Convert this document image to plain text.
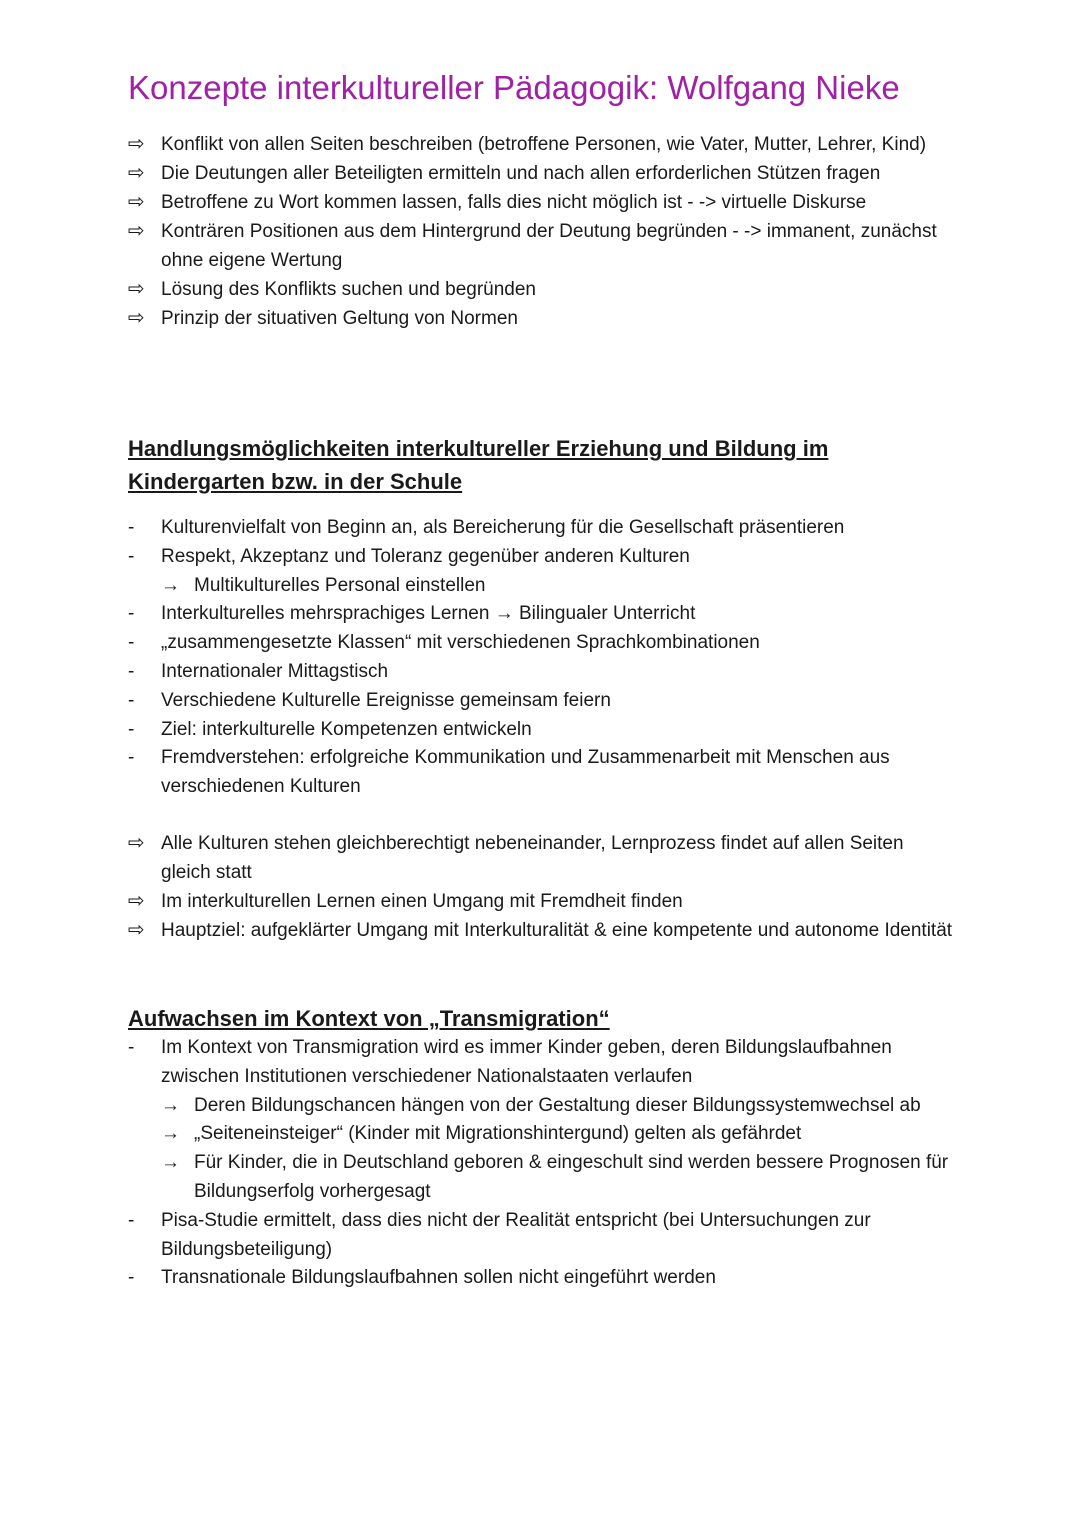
Konzepte interkultureller Pädagogik: Wolfgang Nieke
⇨ Konflikt von allen Seiten beschreiben (betroffene Personen, wie Vater, Mutter, Lehrer, Kind)
⇨ Die Deutungen aller Beteiligten ermitteln und nach allen erforderlichen Stützen fragen
⇨ Betroffene zu Wort kommen lassen, falls dies nicht möglich ist - -> virtuelle Diskurse
⇨ Konträren Positionen aus dem Hintergrund der Deutung begründen - -> immanent, zunächst ohne eigene Wertung
⇨ Lösung des Konflikts suchen und begründen
⇨ Prinzip der situativen Geltung von Normen
Handlungsmöglichkeiten interkultureller Erziehung und Bildung im Kindergarten bzw. in der Schule
-	Kulturenvielfalt von Beginn an, als Bereicherung für die Gesellschaft präsentieren
-	Respekt, Akzeptanz und Toleranz gegenüber anderen Kulturen
→ Multikulturelles Personal einstellen
-	Interkulturelles mehrsprachiges Lernen → Bilingualer Unterricht
-	„zusammengesetzte Klassen“ mit verschiedenen Sprachkombinationen
-	Internationaler Mittagstisch
-	Verschiedene Kulturelle Ereignisse gemeinsam feiern
-	Ziel: interkulturelle Kompetenzen entwickeln
-	Fremdverstehen: erfolgreiche Kommunikation und Zusammenarbeit mit Menschen aus verschiedenen Kulturen
⇨ Alle Kulturen stehen gleichberechtigt nebeneinander, Lernprozess findet auf allen Seiten gleich statt
⇨ Im interkulturellen Lernen einen Umgang mit Fremdheit finden
⇨ Hauptziel: aufgeklärter Umgang mit Interkulturalität & eine kompetente und autonome Identität
Aufwachsen im Kontext von „Transmigration“
-	Im Kontext von Transmigration wird es immer Kinder geben, deren Bildungslaufbahnen zwischen Institutionen verschiedener Nationalstaaten verlaufen
→ Deren Bildungschancen hängen von der Gestaltung dieser Bildungssystemwechsel ab
→ „Seiteneinsteiger“ (Kinder mit Migrationshintergund) gelten als gefährdet
→ Für Kinder, die in Deutschland geboren & eingeschult sind werden bessere Prognosen für Bildungserfolg vorhergesagt
-	Pisa-Studie ermittelt, dass dies nicht der Realität entspricht (bei Untersuchungen zur Bildungsbeteiligung)
-	Transnationale Bildungslaufbahnen sollen nicht eingeführt werden
